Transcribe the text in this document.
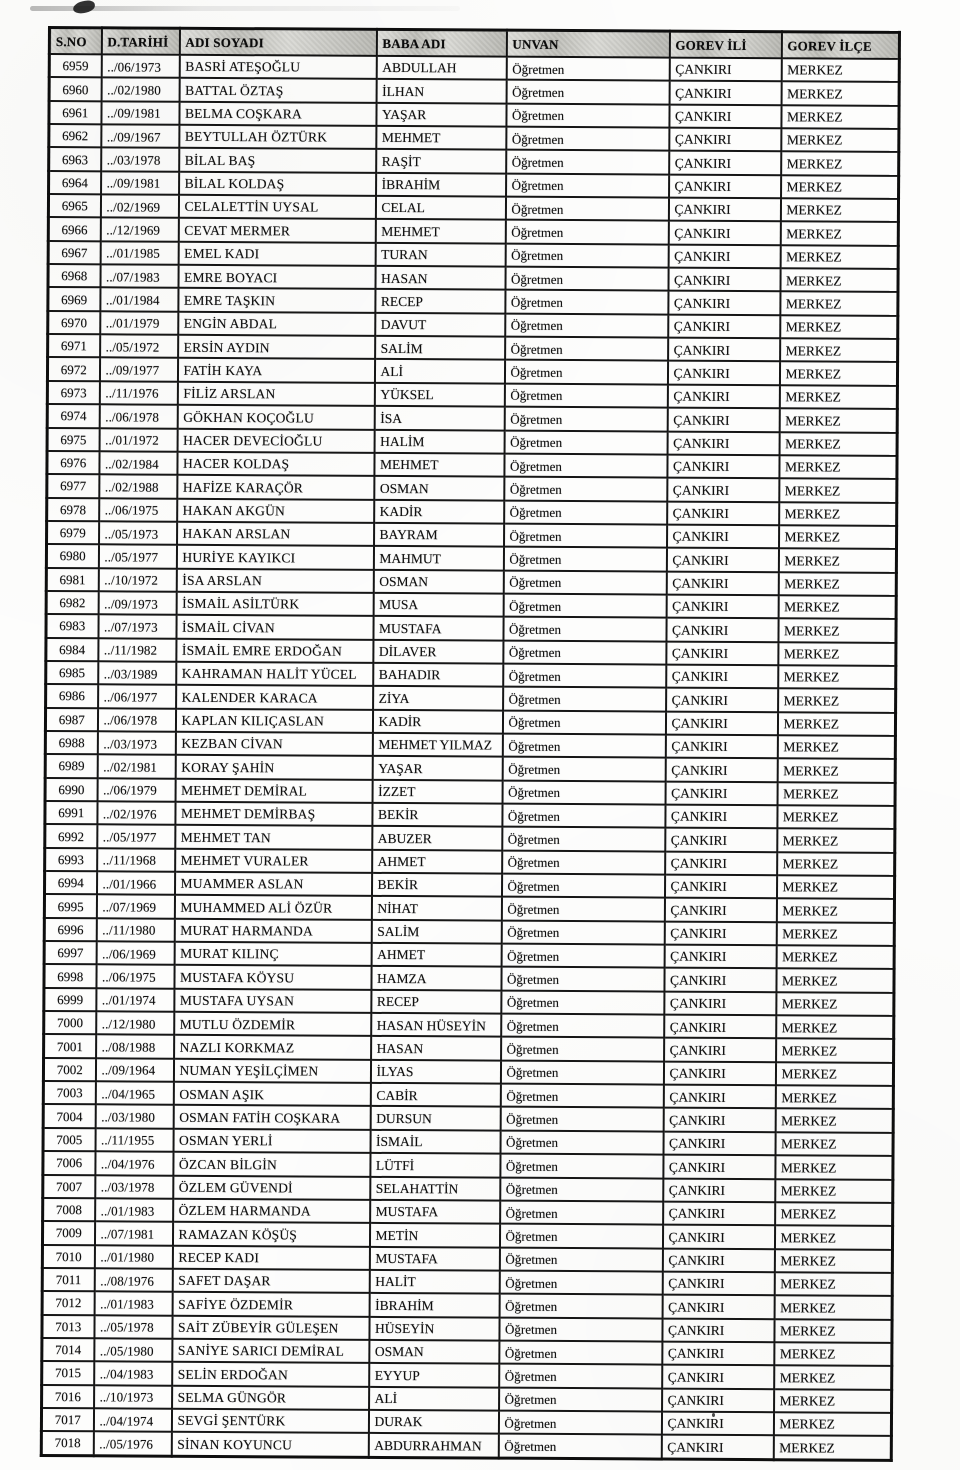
S.NO	D.TARİHİ	ADI SOYADI	BABA ADI	UNVAN	GOREV İLİ	GOREV İLÇE
6959	../06/1973	BASRİ ATEŞOĞLU	ABDULLAH	Öğretmen	ÇANKIRI	MERKEZ
6960	../02/1980	BATTAL ÖZTAŞ	İLHAN	Öğretmen	ÇANKIRI	MERKEZ
6961	../09/1981	BELMA COŞKARA	YAŞAR	Öğretmen	ÇANKIRI	MERKEZ
6962	../09/1967	BEYTULLAH ÖZTÜRK	MEHMET	Öğretmen	ÇANKIRI	MERKEZ
6963	../03/1978	BİLAL BAŞ	RAŞİT	Öğretmen	ÇANKIRI	MERKEZ
6964	../09/1981	BİLAL KOLDAŞ	İBRAHİM	Öğretmen	ÇANKIRI	MERKEZ
6965	../02/1969	CELALETTİN UYSAL	CELAL	Öğretmen	ÇANKIRI	MERKEZ
6966	../12/1969	CEVAT MERMER	MEHMET	Öğretmen	ÇANKIRI	MERKEZ
6967	../01/1985	EMEL KADI	TURAN	Öğretmen	ÇANKIRI	MERKEZ
6968	../07/1983	EMRE BOYACI	HASAN	Öğretmen	ÇANKIRI	MERKEZ
6969	../01/1984	EMRE TAŞKIN	RECEP	Öğretmen	ÇANKIRI	MERKEZ
6970	../01/1979	ENGİN ABDAL	DAVUT	Öğretmen	ÇANKIRI	MERKEZ
6971	../05/1972	ERSİN AYDIN	SALİM	Öğretmen	ÇANKIRI	MERKEZ
6972	../09/1977	FATİH KAYA	ALİ	Öğretmen	ÇANKIRI	MERKEZ
6973	../11/1976	FİLİZ ARSLAN	YÜKSEL	Öğretmen	ÇANKIRI	MERKEZ
6974	../06/1978	GÖKHAN KOÇOĞLU	İSA	Öğretmen	ÇANKIRI	MERKEZ
6975	../01/1972	HACER DEVECİOĞLU	HALİM	Öğretmen	ÇANKIRI	MERKEZ
6976	../02/1984	HACER KOLDAŞ	MEHMET	Öğretmen	ÇANKIRI	MERKEZ
6977	../02/1988	HAFİZE KARAÇÖR	OSMAN	Öğretmen	ÇANKIRI	MERKEZ
6978	../06/1975	HAKAN AKGÜN	KADİR	Öğretmen	ÇANKIRI	MERKEZ
6979	../05/1973	HAKAN ARSLAN	BAYRAM	Öğretmen	ÇANKIRI	MERKEZ
6980	../05/1977	HURİYE KAYIKCI	MAHMUT	Öğretmen	ÇANKIRI	MERKEZ
6981	../10/1972	İSA ARSLAN	OSMAN	Öğretmen	ÇANKIRI	MERKEZ
6982	../09/1973	İSMAİL ASİLTÜRK	MUSA	Öğretmen	ÇANKIRI	MERKEZ
6983	../07/1973	İSMAİL CİVAN	MUSTAFA	Öğretmen	ÇANKIRI	MERKEZ
6984	../11/1982	İSMAİL EMRE ERDOĞAN	DİLAVER	Öğretmen	ÇANKIRI	MERKEZ
6985	../03/1989	KAHRAMAN HALİT YÜCEL	BAHADIR	Öğretmen	ÇANKIRI	MERKEZ
6986	../06/1977	KALENDER KARACA	ZİYA	Öğretmen	ÇANKIRI	MERKEZ
6987	../06/1978	KAPLAN KILIÇASLAN	KADİR	Öğretmen	ÇANKIRI	MERKEZ
6988	../03/1973	KEZBAN CİVAN	MEHMET YILMAZ	Öğretmen	ÇANKIRI	MERKEZ
6989	../02/1981	KORAY ŞAHİN	YAŞAR	Öğretmen	ÇANKIRI	MERKEZ
6990	../06/1979	MEHMET DEMİRAL	İZZET	Öğretmen	ÇANKIRI	MERKEZ
6991	../02/1976	MEHMET DEMİRBAŞ	BEKİR	Öğretmen	ÇANKIRI	MERKEZ
6992	../05/1977	MEHMET TAN	ABUZER	Öğretmen	ÇANKIRI	MERKEZ
6993	../11/1968	MEHMET VURALER	AHMET	Öğretmen	ÇANKIRI	MERKEZ
6994	../01/1966	MUAMMER ASLAN	BEKİR	Öğretmen	ÇANKIRI	MERKEZ
6995	../07/1969	MUHAMMED ALİ ÖZÜR	NİHAT	Öğretmen	ÇANKIRI	MERKEZ
6996	../11/1980	MURAT HARMANDA	SALİM	Öğretmen	ÇANKIRI	MERKEZ
6997	../06/1969	MURAT KILINÇ	AHMET	Öğretmen	ÇANKIRI	MERKEZ
6998	../06/1975	MUSTAFA KÖYSU	HAMZA	Öğretmen	ÇANKIRI	MERKEZ
6999	../01/1974	MUSTAFA UYSAN	RECEP	Öğretmen	ÇANKIRI	MERKEZ
7000	../12/1980	MUTLU ÖZDEMİR	HASAN HÜSEYİN	Öğretmen	ÇANKIRI	MERKEZ
7001	../08/1988	NAZLI KORKMAZ	HASAN	Öğretmen	ÇANKIRI	MERKEZ
7002	../09/1964	NUMAN YEŞİLÇİMEN	İLYAS	Öğretmen	ÇANKIRI	MERKEZ
7003	../04/1965	OSMAN AŞIK	CABİR	Öğretmen	ÇANKIRI	MERKEZ
7004	../03/1980	OSMAN FATİH COŞKARA	DURSUN	Öğretmen	ÇANKIRI	MERKEZ
7005	../11/1955	OSMAN YERLİ	İSMAİL	Öğretmen	ÇANKIRI	MERKEZ
7006	../04/1976	ÖZCAN BİLGİN	LÜTFİ	Öğretmen	ÇANKIRI	MERKEZ
7007	../03/1978	ÖZLEM GÜVENDİ	SELAHATTİN	Öğretmen	ÇANKIRI	MERKEZ
7008	../01/1983	ÖZLEM HARMANDA	MUSTAFA	Öğretmen	ÇANKIRI	MERKEZ
7009	../07/1981	RAMAZAN KÖŞÜŞ	METİN	Öğretmen	ÇANKIRI	MERKEZ
7010	../01/1980	RECEP KADI	MUSTAFA	Öğretmen	ÇANKIRI	MERKEZ
7011	../08/1976	SAFET DAŞAR	HALİT	Öğretmen	ÇANKIRI	MERKEZ
7012	../01/1983	SAFİYE ÖZDEMİR	İBRAHİM	Öğretmen	ÇANKIRI	MERKEZ
7013	../05/1978	SAİT ZÜBEYİR GÜLEŞEN	HÜSEYİN	Öğretmen	ÇANKIRI	MERKEZ
7014	../05/1980	SANİYE SARICI DEMİRAL	OSMAN	Öğretmen	ÇANKIRI	MERKEZ
7015	../04/1983	SELİN ERDOĞAN	EYYUP	Öğretmen	ÇANKIRI	MERKEZ
7016	../10/1973	SELMA GÜNGÖR	ALİ	Öğretmen	ÇANKIRI	MERKEZ
7017	../04/1974	SEVGİ ŞENTÜRK	DURAK	Öğretmen	ÇANKIRI	MERKEZ
7018	../05/1976	SİNAN KOYUNCU	ABDURRAHMAN	Öğretmen	ÇANKIRI	MERKEZ
